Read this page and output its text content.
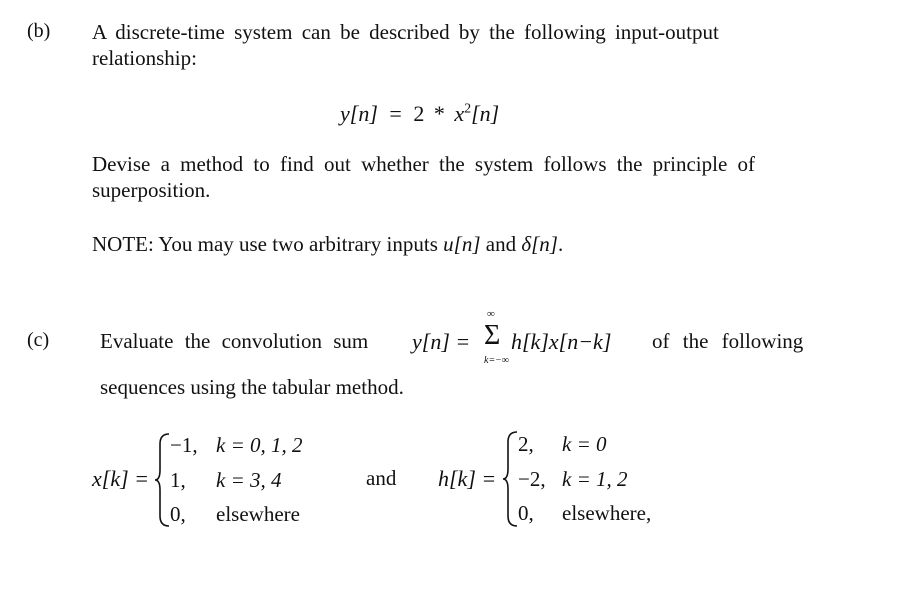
(b) A discrete-time system can be described by the following input-output
relationship:
$y[n] = 2 * x^2[n]$
Devise a method to find out whether the system follows the principle of
superposition.
NOTE: You may use two arbitrary inputs u[n] and δ[n].
(c) Evaluate the convolution sum y[n] =
∞
Σ
k=−∞
h[k]x[n−k] of the following
sequences using the tabular method.
x[k] =
−1, k = 0, 1, 2
1, k = 3, 4
0, elsewhere
and h[k] =
2, k = 0
−2, k = 1, 2
0, elsewhere,
